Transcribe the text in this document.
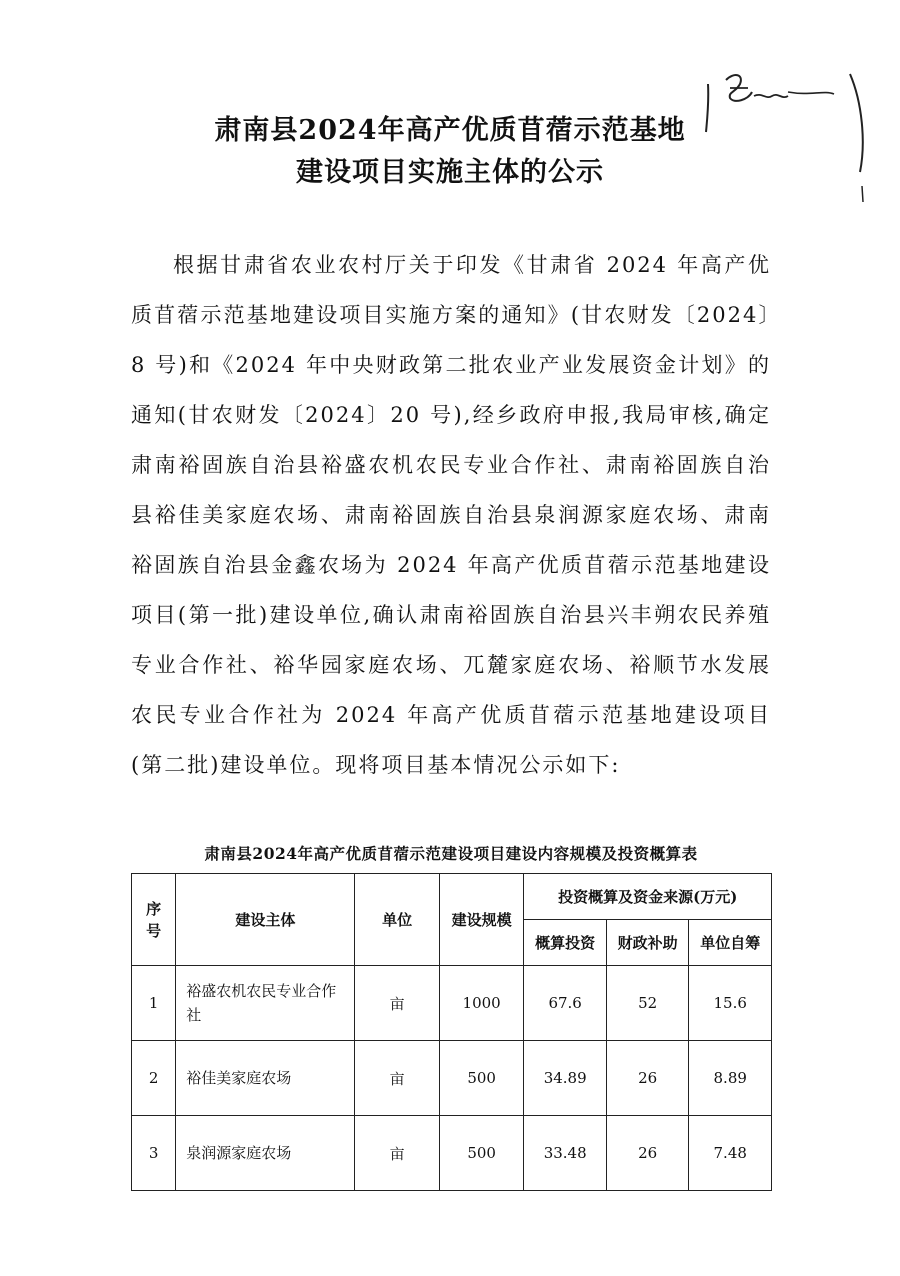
肃南县2024年高产优质苜蓿示范基地
建设项目实施主体的公示

根据甘肃省农业农村厅关于印发《甘肃省 2024 年高产优质苜蓿示范基地建设项目实施方案的通知》(甘农财发〔2024〕8 号)和《2024 年中央财政第二批农业产业发展资金计划》的通知(甘农财发〔2024〕20 号),经乡政府申报,我局审核,确定肃南裕固族自治县裕盛农机农民专业合作社、肃南裕固族自治县裕佳美家庭农场、肃南裕固族自治县泉润源家庭农场、肃南裕固族自治县金鑫农场为 2024 年高产优质苜蓿示范基地建设项目(第一批)建设单位,确认肃南裕固族自治县兴丰朔农民养殖专业合作社、裕华园家庭农场、兀麓家庭农场、裕顺节水发展农民专业合作社为 2024 年高产优质苜蓿示范基地建设项目(第二批)建设单位。现将项目基本情况公示如下:

肃南县2024年高产优质苜蓿示范建设项目建设内容规模及投资概算表
序
号	建设主体	单位	建设规模	投资概算及资金来源(万元)		
				概算投资	财政补助	单位自筹
1	裕盛农机农民专业合作社	亩	1000	67.6	52	15.6
2	裕佳美家庭农场	亩	500	34.89	26	8.89
3	泉润源家庭农场	亩	500	33.48	26	7.48
